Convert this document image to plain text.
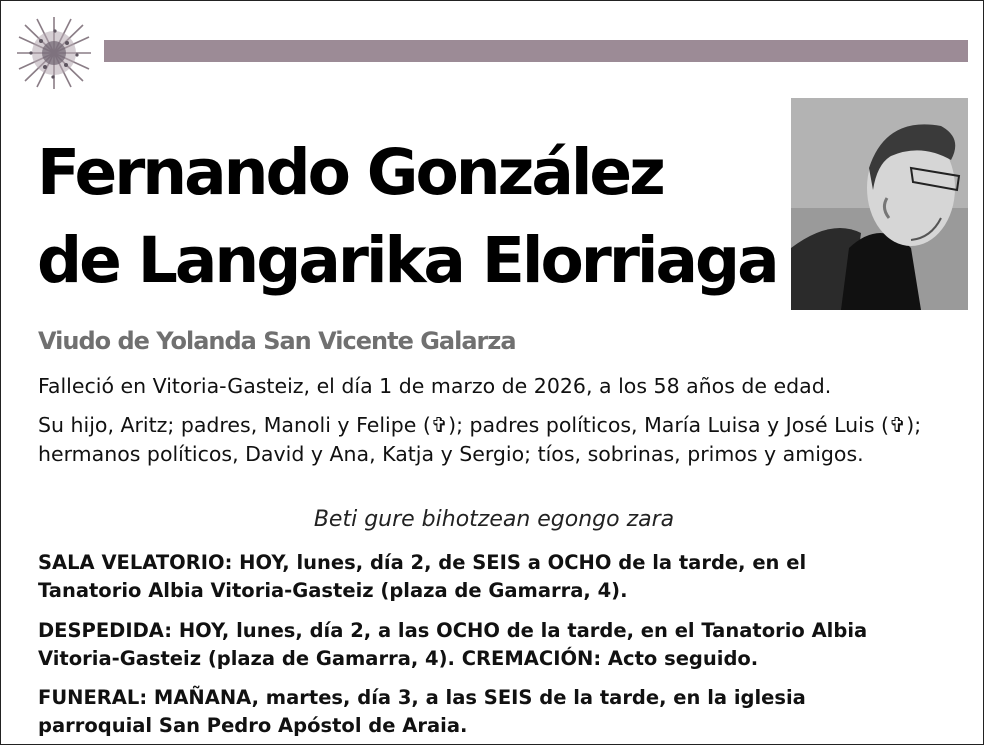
Fernando González
de Langarika Elorriaga

Viudo de Yolanda San Vicente Galarza

Falleció en Vitoria-Gasteiz, el día 1 de marzo de 2026, a los 58 años de edad.

Su hijo, Aritz; padres, Manoli y Felipe (✞); padres políticos, María Luisa y José Luis (✞); hermanos políticos, David y Ana, Katja y Sergio; tíos, sobrinas, primos y amigos.

Beti gure bihotzean egongo zara

SALA VELATORIO: HOY, lunes, día 2, de SEIS a OCHO de la tarde, en el
Tanatorio Albia Vitoria-Gasteiz (plaza de Gamarra, 4).

DESPEDIDA: HOY, lunes, día 2, a las OCHO de la tarde, en el Tanatorio Albia
Vitoria-Gasteiz (plaza de Gamarra, 4). CREMACIÓN: Acto seguido.

FUNERAL: MAÑANA, martes, día 3, a las SEIS de la tarde, en la iglesia
parroquial San Pedro Apóstol de Araia.
